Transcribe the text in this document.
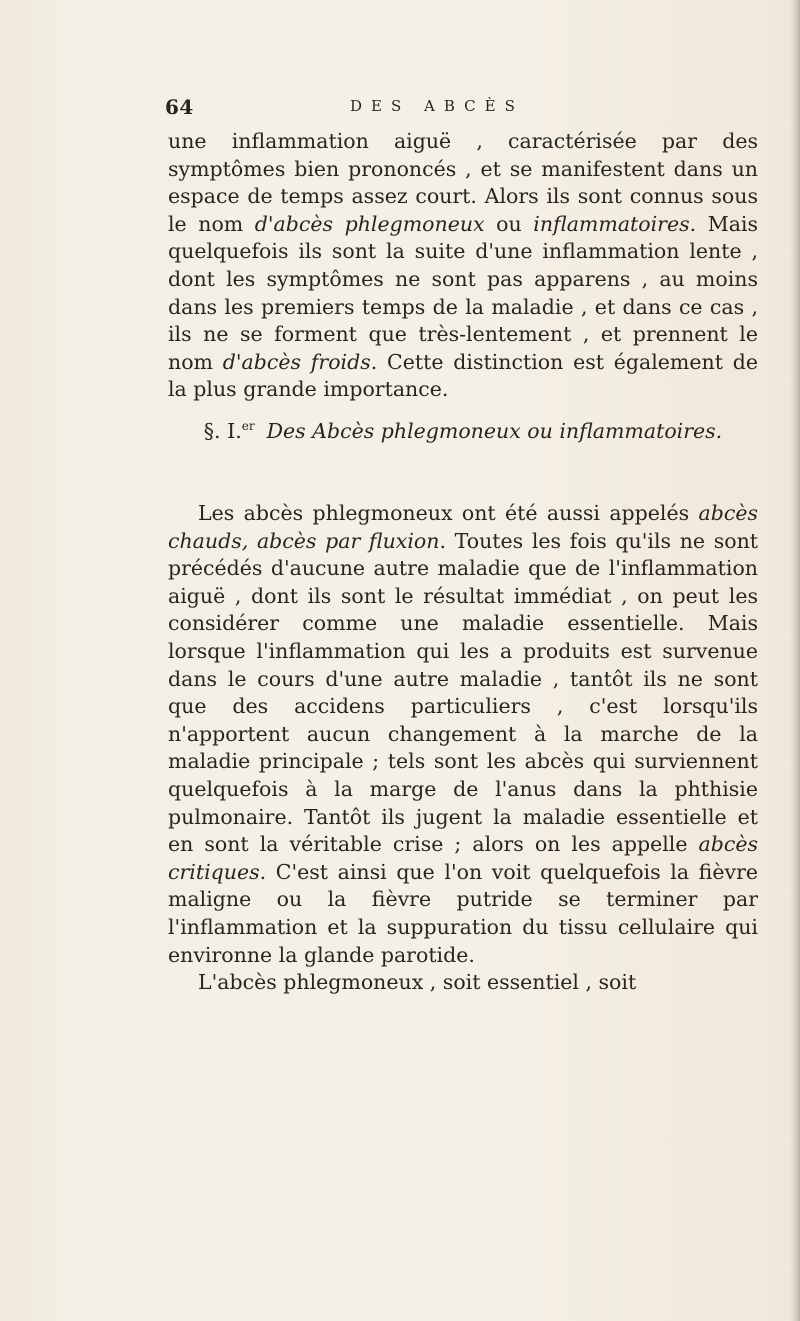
64	DES ABCÈS

une inflammation aiguë , caractérisée par des symptômes bien prononcés , et se manifestent dans un espace de temps assez court. Alors ils sont connus sous le nom d'abcès phlegmoneux ou inflammatoires. Mais quelquefois ils sont la suite d'une inflammation lente , dont les symptômes ne sont pas apparens , au moins dans les premiers temps de la maladie , et dans ce cas , ils ne se forment que très-lentement , et prennent le nom d'abcès froids. Cette distinction est également de la plus grande importance.

§. I.$^{er}$ Des Abcès phlegmoneux ou inflammatoires.

Les abcès phlegmoneux ont été aussi appelés abcès chauds, abcès par fluxion. Toutes les fois qu'ils ne sont précédés d'aucune autre maladie que de l'inflammation aiguë , dont ils sont le résultat immédiat , on peut les considérer comme une maladie essentielle. Mais lorsque l'inflammation qui les a produits est survenue dans le cours d'une autre maladie , tantôt ils ne sont que des accidens particuliers , c'est lorsqu'ils n'apportent aucun changement à la marche de la maladie principale ; tels sont les abcès qui surviennent quelquefois à la marge de l'anus dans la phthisie pulmonaire. Tantôt ils jugent la maladie essentielle et en sont la véritable crise ; alors on les appelle abcès critiques. C'est ainsi que l'on voit quelquefois la fièvre maligne ou la fièvre putride se terminer par l'inflammation et la suppuration du tissu cellulaire qui environne la glande parotide.

L'abcès phlegmoneux , soit essentiel , soit
